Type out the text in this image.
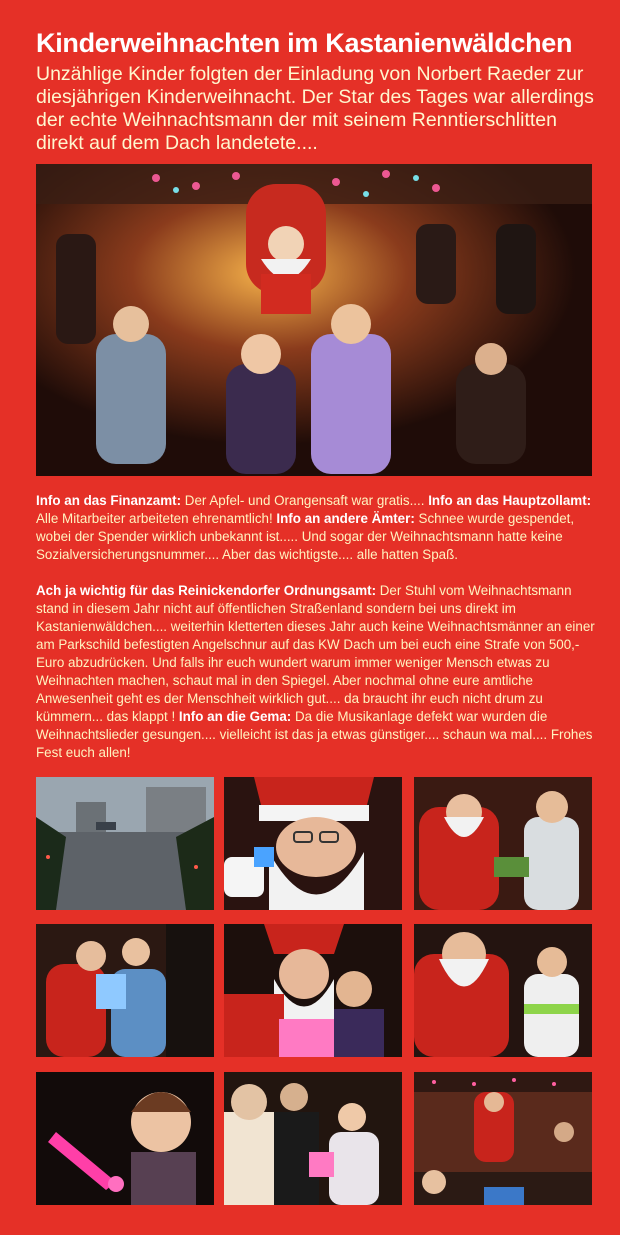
Kinderweihnachten im Kastanienwäldchen
Unzählige Kinder folgten der Einladung von Norbert Raeder zur diesjährigen Kinderweihnacht. Der Star des Tages war allerdings der echte Weihnachtsmann der mit seinem Renntierschlitten direkt auf dem Dach landetete....

Info an das Finanzamt: Der Apfel- und Orangensaft war gratis.... Info an das Hauptzollamt: Alle Mitarbeiter arbeiteten ehrenamtlich! Info an andere Ämter: Schnee wurde gespendet, wobei der Spender wirklich unbekannt ist..... Und sogar der Weihnachtsmann hatte keine Sozialversicherungsnummer.... Aber das wichtigste.... alle hatten Spaß.

Ach ja wichtig für das Reinickendorfer Ordnungsamt: Der Stuhl vom Weihnachtsmann stand in diesem Jahr nicht auf öffentlichen Straßenland sondern bei uns direkt im Kastanienwäldchen.... weiterhin kletterten dieses Jahr auch keine Weihnachtsmänner an einer am Parkschild befestigten Angelschnur auf das KW Dach um bei euch eine Strafe von 500,-Euro abzudrücken. Und falls ihr euch wundert warum immer weniger Mensch etwas zu Weihnachten machen, schaut mal in den Spiegel. Aber nochmal ohne eure amtliche Anwesenheit geht es der Menschheit wirklich gut.... da braucht ihr euch nicht drum zu kümmern... das klappt ! Info an die Gema: Da die Musikanlage defekt war wurden die Weihnachtslieder gesungen.... vielleicht ist das ja etwas günstiger.... schaun wa mal.... Frohes Fest euch allen!
